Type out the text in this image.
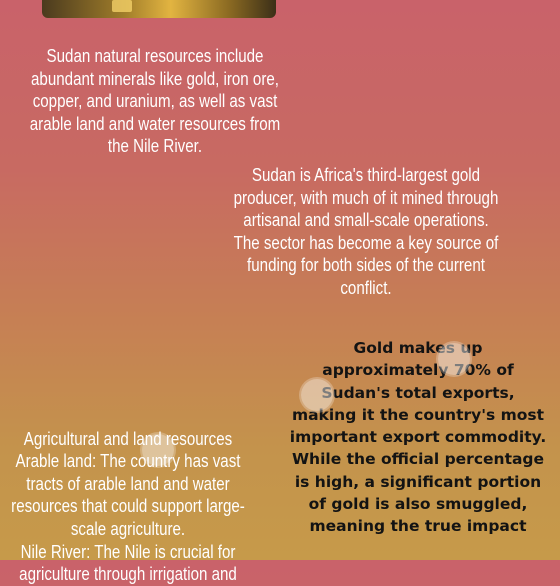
Sudan natural resources include abundant minerals like gold, iron ore, copper, and uranium, as well as vast arable land and water resources from the Nile River.
Sudan is Africa's third-largest gold producer, with much of it mined through artisanal and small-scale operations. The sector has become a key source of funding for both sides of the current conflict.

Agricultural and land resources
Arable land: The country has vast tracts of arable land and water resources that could support large-scale agriculture.
Nile River: The Nile is crucial for agriculture through irrigation and

Gold makes up approximately 70% of Sudan's total exports, making it the country's most important export commodity. While the official percentage is high, a significant portion of gold is also smuggled, meaning the true impact
